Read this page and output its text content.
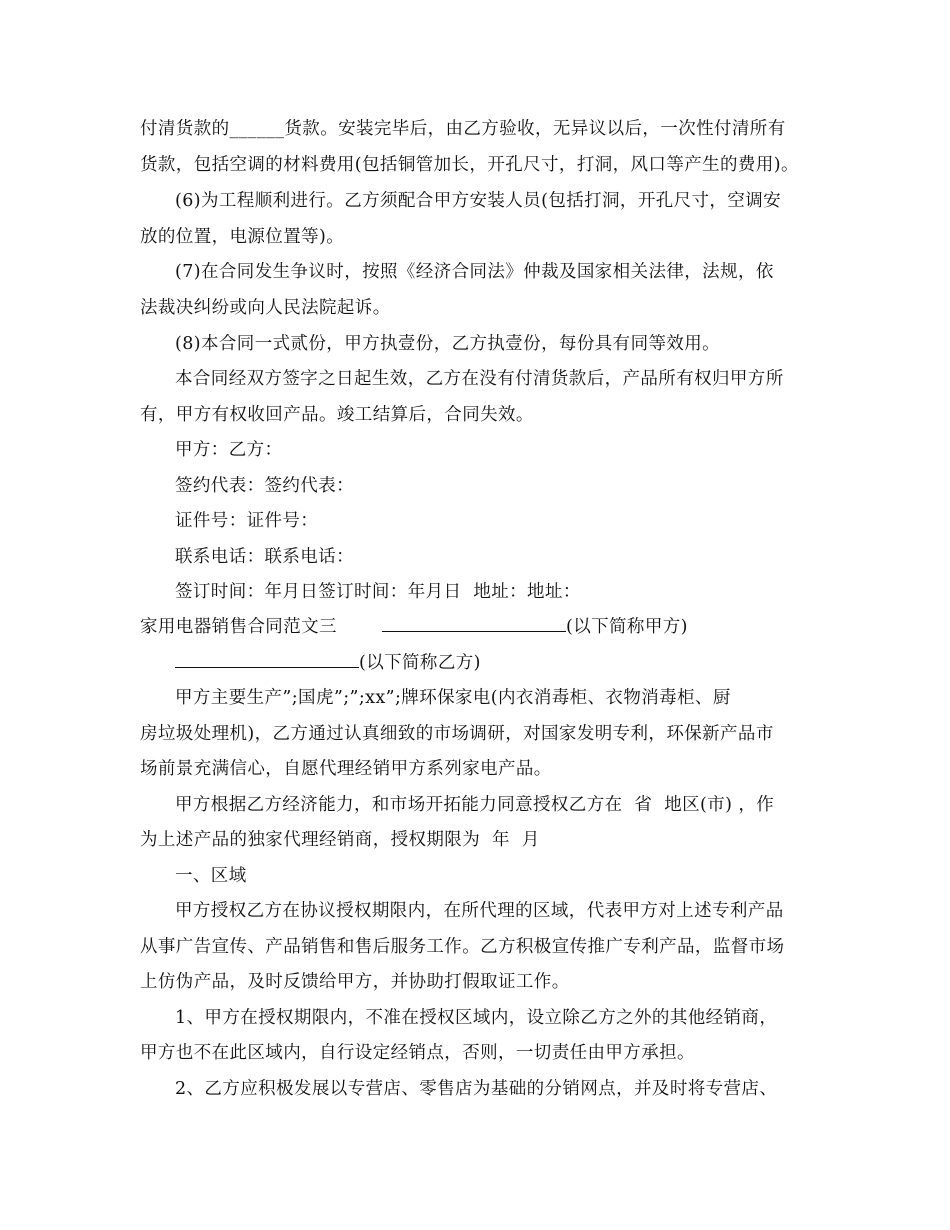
付清货款的______货款。安装完毕后，由乙方验收，无异议以后，一次性付清所有
货款，包括空调的材料费用(包括铜管加长，开孔尺寸，打洞，风口等产生的费用)。
(6)为工程顺利进行。乙方须配合甲方安装人员(包括打洞，开孔尺寸，空调安
放的位置，电源位置等)。
(7)在合同发生争议时，按照《经济合同法》仲裁及国家相关法律，法规，依
法裁决纠纷或向人民法院起诉。
(8)本合同一式贰份，甲方执壹份，乙方执壹份，每份具有同等效用。
本合同经双方签字之日起生效，乙方在没有付清货款后，产品所有权归甲方所
有，甲方有权收回产品。竣工结算后，合同失效。
甲方：乙方：
签约代表：签约代表：
证件号：证件号：
联系电话：联系电话：
签订时间：年月日签订时间：年月日  地址：地址：
家用电器销售合同范文三	(以下简称甲方)
(以下简称乙方)
甲方主要生产”;国虎”;”;xx”;牌环保家电(内衣消毒柜、衣物消毒柜、厨
房垃圾处理机)，乙方通过认真细致的市场调研，对国家发明专利，环保新产品市
场前景充满信心，自愿代理经销甲方系列家电产品。
甲方根据乙方经济能力，和市场开拓能力同意授权乙方在  省  地区(市) ，作
为上述产品的独家代理经销商，授权期限为  年  月
一、区域
甲方授权乙方在协议授权期限内，在所代理的区域，代表甲方对上述专利产品
从事广告宣传、产品销售和售后服务工作。乙方积极宣传推广专利产品，监督市场
上仿伪产品，及时反馈给甲方，并协助打假取证工作。
1、甲方在授权期限内，不准在授权区域内，设立除乙方之外的其他经销商，
甲方也不在此区域内，自行设定经销点，否则，一切责任由甲方承担。
2、乙方应积极发展以专营店、零售店为基础的分销网点，并及时将专营店、
